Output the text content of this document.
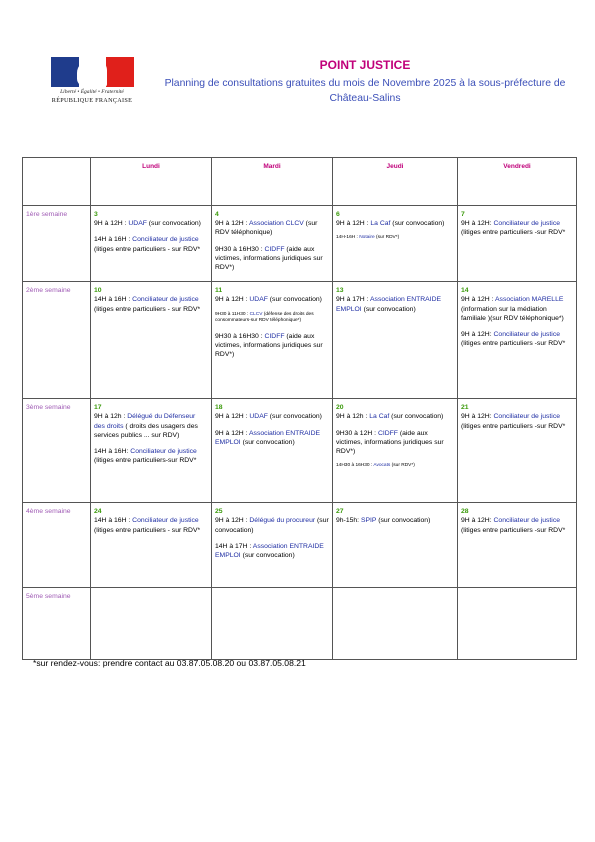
Liberté • Égalité • Fraternité
RÉPUBLIQUE FRANÇAISE
POINT JUSTICE
Planning de consultations gratuites du mois de Novembre 2025 à la sous-préfecture de Château-Salins
	Lundi	Mardi	Jeudi	Vendredi
1ère semaine	3
9H à 12H : UDAF (sur convocation)
14H à 16H : Conciliateur de justice (litiges entre particuliers - sur RDV*	4
9H à 12H : Association CLCV (sur RDV téléphonique)
9H30 à 16H30 : CIDFF (aide aux victimes, informations juridiques sur RDV*)	6
9H à 12H : La Caf (sur convocation)
14H-16H : Notaire (sur RDV*)	7
9H à 12H: Conciliateur de justice (litiges entre particuliers -sur RDV*

2ème semaine	10
14H à 16H : Conciliateur de justice (litiges entre particuliers - sur RDV*	11
9H à 12H : UDAF (sur convocation)
9H30 à 11H30 : CLCV (défense des droits des consommateurs-sur RDV téléphonique*)
9H30 à 16H30 : CIDFF (aide aux victimes, informations juridiques sur RDV*)	13
9H à 17H : Association ENTRAIDE EMPLOI (sur convocation)	14
9H à 12H : Association MARELLE (information sur la médiation familiale )(sur RDV téléphonique*)
9H à 12H: Conciliateur de justice (litiges entre particuliers -sur RDV*

3ème semaine	17
9H à 12h : Délégué du Défenseur des droits ( droits des usagers des services publics ... sur RDV)
14H à 16H: Conciliateur de justice (litiges entre particuliers-sur RDV*	18
9H à 12H : UDAF (sur convocation)
9H à 12H : Association ENTRAIDE EMPLOI (sur convocation)	20
9H à 12h : La Caf (sur convocation)
9H30 à 12H : CIDFF (aide aux victimes, informations juridiques sur RDV*)
14H30 à 16H30 : Avocats (sur RDV*)	21
9H à 12H: Conciliateur de justice (litiges entre particuliers -sur RDV*

4ème semaine	24
14H à 16H : Conciliateur de justice (litiges entre particuliers - sur RDV*	25
9H à 12H : Délégué du procureur (sur convocation)
14H à 17H : Association ENTRAIDE EMPLOI (sur convocation)	27
9h-15h: SPIP (sur convocation)	28
9H à 12H: Conciliateur de justice (litiges entre particuliers -sur RDV*

5ème semaine	

*sur rendez-vous: prendre contact au 03.87.05.08.20 ou 03.87.05.08.21
